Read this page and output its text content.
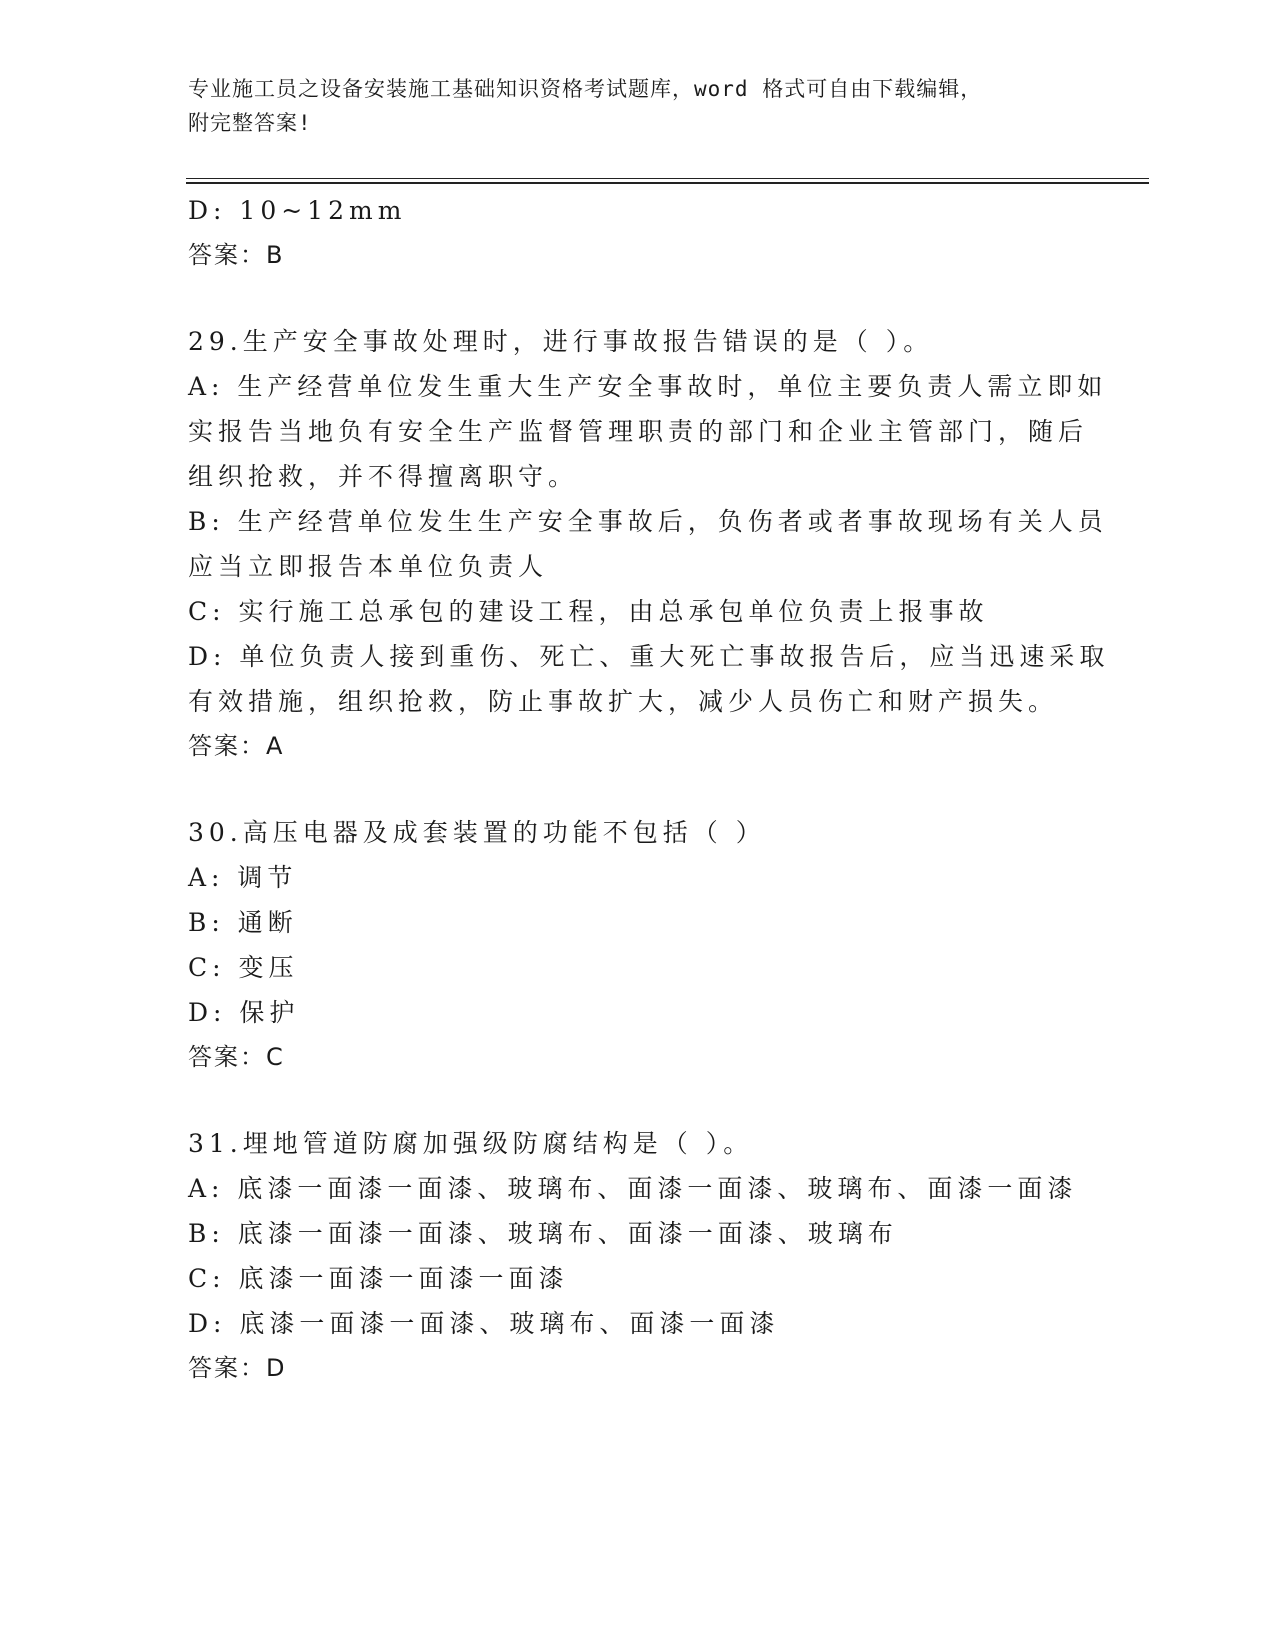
专业施工员之设备安装施工基础知识资格考试题库，word 格式可自由下载编辑，
附完整答案!
D: 10~12mm
答案：B
29.生产安全事故处理时，进行事故报告错误的是（ ）。
A: 生产经营单位发生重大生产安全事故时，单位主要负责人需立即如
实报告当地负有安全生产监督管理职责的部门和企业主管部门，随后
组织抢救，并不得擅离职守。
B: 生产经营单位发生生产安全事故后，负伤者或者事故现场有关人员
应当立即报告本单位负责人
C: 实行施工总承包的建设工程，由总承包单位负责上报事故
D: 单位负责人接到重伤、死亡、重大死亡事故报告后，应当迅速采取
有效措施，组织抢救，防止事故扩大，减少人员伤亡和财产损失。
答案：A
30.高压电器及成套装置的功能不包括（ ）
A: 调节
B: 通断
C: 变压
D: 保护
答案：C
31.埋地管道防腐加强级防腐结构是（ ）。
A: 底漆一面漆一面漆、玻璃布、面漆一面漆、玻璃布、面漆一面漆
B: 底漆一面漆一面漆、玻璃布、面漆一面漆、玻璃布
C: 底漆一面漆一面漆一面漆
D: 底漆一面漆一面漆、玻璃布、面漆一面漆
答案：D
